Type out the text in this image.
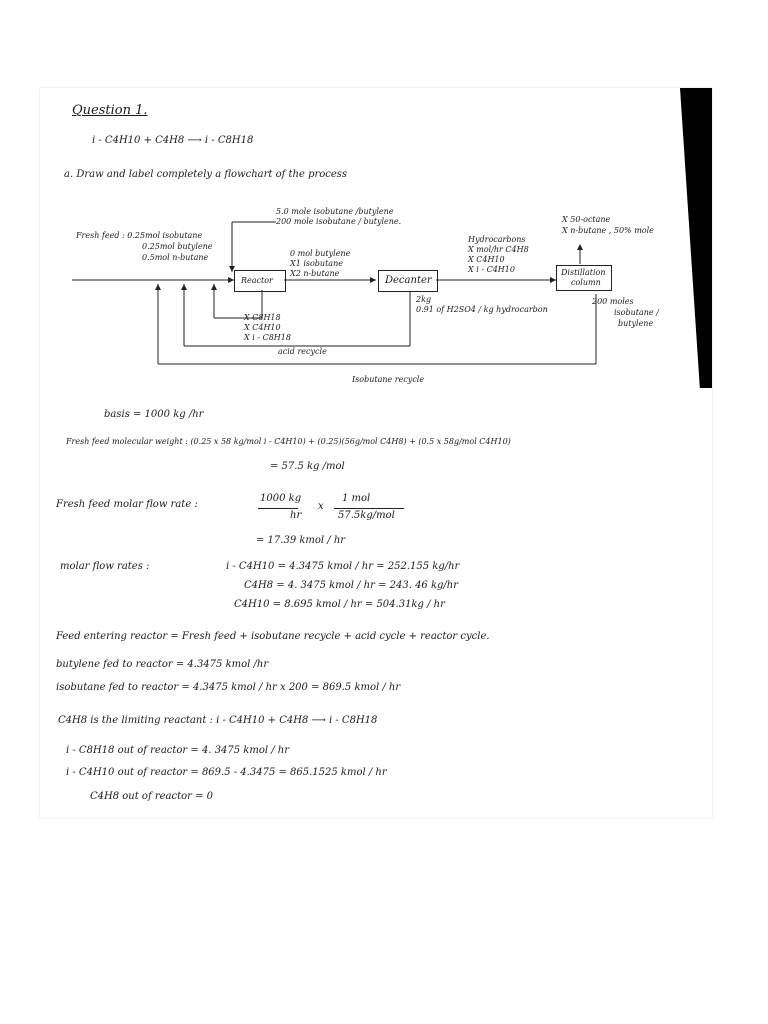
Question 1.
i - C4H10 + C4H8 ⟶ i - C8H18
a. Draw and label completely a flowchart of the process
Reactor	Decanter
Distillation
column
Fresh feed : 0.25mol isobutane
0.25mol butylene
0.5mol n-butane
5.0 mole isobutane /butylene
200 mole isobutane / butylene.
0 mol butylene
X1 isobutane
X2 n-butane
Hydrocarbons
X mol/hr C4H8
X C4H10
X i - C4H10
X 50-octane
X n-butane , 50% mole
200 moles
isobutane /
butylene
2kg
0.91 of H2SO4 / kg hydrocarbon
X C8H18
X C4H10
X i - C8H18
acid recycle
Isobutane recycle
basis = 1000 kg /hr
Fresh feed molecular weight : (0.25 x 58 kg/mol i - C4H10) + (0.25)(56g/mol C4H8) + (0.5 x 58g/mol C4H10)
= 57.5 kg /mol
Fresh feed molar flow rate :
1000 kg
hr
x
1 mol
57.5kg/mol
= 17.39 kmol / hr
molar flow rates :	i - C4H10 = 4.3475 kmol / hr = 252.155 kg/hr
C4H8 = 4. 3475 kmol / hr = 243. 46 kg/hr
C4H10 = 8.695 kmol / hr = 504.31kg / hr
Feed entering reactor = Fresh feed + isobutane recycle + acid cycle + reactor cycle.
butylene fed to reactor = 4.3475 kmol /hr
isobutane fed to reactor = 4.3475 kmol / hr x 200 = 869.5 kmol / hr
C4H8 is the limiting reactant : i - C4H10 + C4H8 ⟶ i - C8H18
i - C8H18 out of reactor = 4. 3475 kmol / hr
i - C4H10 out of reactor = 869.5 - 4.3475 = 865.1525 kmol / hr
C4H8 out of reactor = 0
